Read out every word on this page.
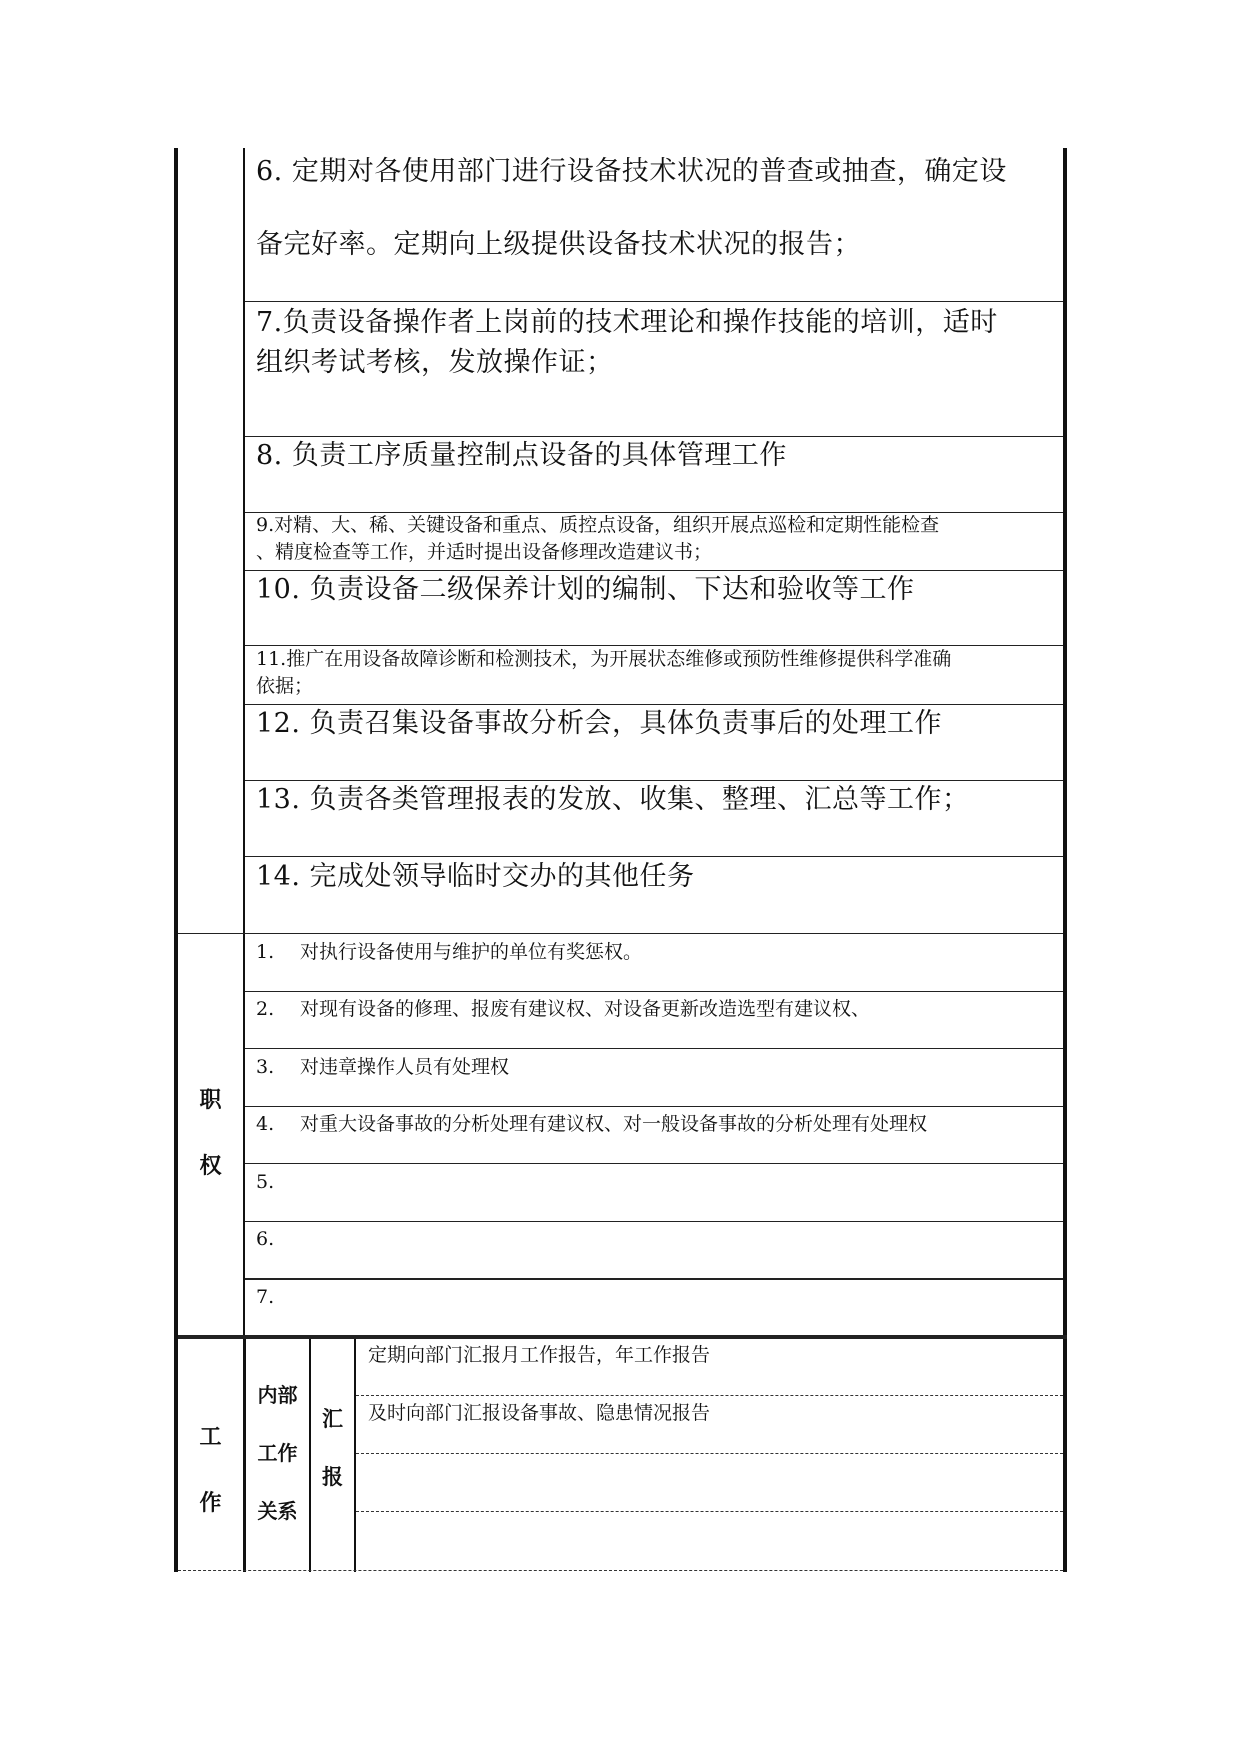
6. 定期对各使用部门进行设备技术状况的普查或抽查，确定设
备完好率。定期向上级提供设备技术状况的报告；
7.负责设备操作者上岗前的技术理论和操作技能的培训，适时
组织考试考核，发放操作证；
8. 负责工序质量控制点设备的具体管理工作
9.对精、大、稀、关键设备和重点、质控点设备，组织开展点巡检和定期性能检查
、精度检查等工作，并适时提出设备修理改造建议书；
10. 负责设备二级保养计划的编制、下达和验收等工作
11.推广在用设备故障诊断和检测技术，为开展状态维修或预防性维修提供科学准确
依据；
12. 负责召集设备事故分析会，具体负责事后的处理工作
13. 负责各类管理报表的发放、收集、整理、汇总等工作；
14. 完成处领导临时交办的其他任务
职
权
1. 对执行设备使用与维护的单位有奖惩权。
2. 对现有设备的修理、报废有建议权、对设备更新改造选型有建议权、
3. 对违章操作人员有处理权
4. 对重大设备事故的分析处理有建议权、对一般设备事故的分析处理有处理权
5.
6.
7.
工
作
内部
工作
关系
汇
报
定期向部门汇报月工作报告，年工作报告
及时向部门汇报设备事故、隐患情况报告
